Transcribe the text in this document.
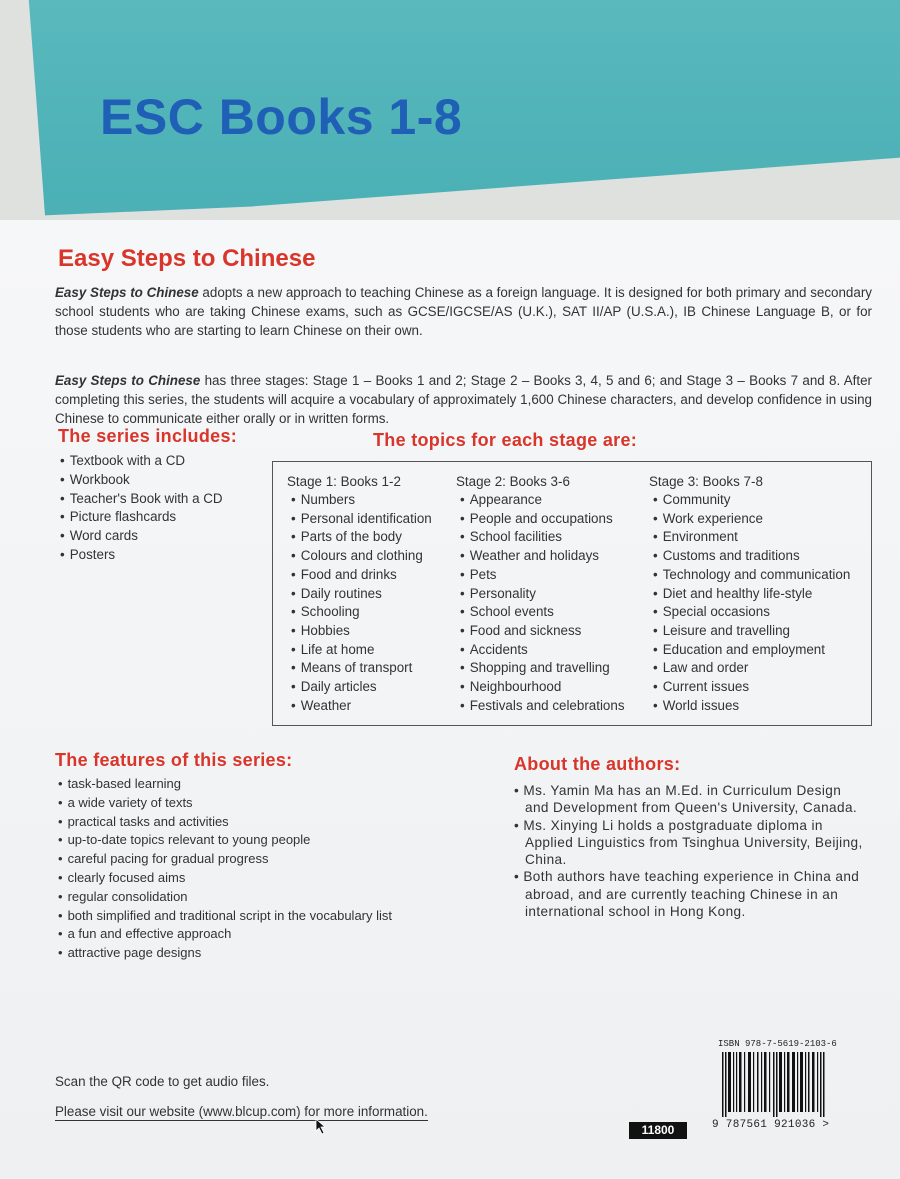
ESC Books 1-8
Easy Steps to Chinese
Easy Steps to Chinese adopts a new approach to teaching Chinese as a foreign language. It is designed for both primary and secondary school students who are taking Chinese exams, such as GCSE/IGCSE/AS (U.K.), SAT II/AP (U.S.A.), IB Chinese Language B, or for those students who are starting to learn Chinese on their own.
Easy Steps to Chinese has three stages: Stage 1 – Books 1 and 2; Stage 2 – Books 3, 4, 5 and 6; and Stage 3 – Books 7 and 8. After completing this series, the students will acquire a vocabulary of approximately 1,600 Chinese characters, and develop confidence in using Chinese to communicate either orally or in written forms.
The series includes:
• Textbook with a CD
• Workbook
• Teacher's Book with a CD
• Picture flashcards
• Word cards
• Posters
The topics for each stage are:
Stage 1: Books 1-2
• Numbers
• Personal identification
• Parts of the body
• Colours and clothing
• Food and drinks
• Daily routines
• Schooling
• Hobbies
• Life at home
• Means of transport
• Daily articles
• Weather
Stage 2: Books 3-6
• Appearance
• People and occupations
• School facilities
• Weather and holidays
• Pets
• Personality
• School events
• Food and sickness
• Accidents
• Shopping and travelling
• Neighbourhood
• Festivals and celebrations
Stage 3: Books 7-8
• Community
• Work experience
• Environment
• Customs and traditions
• Technology and communication
• Diet and healthy life-style
• Special occasions
• Leisure and travelling
• Education and employment
• Law and order
• Current issues
• World issues
The features of this series:
• task-based learning
• a wide variety of texts
• practical tasks and activities
• up-to-date topics relevant to young people
• careful pacing for gradual progress
• clearly focused aims
• regular consolidation
• both simplified and traditional script in the vocabulary list
• a fun and effective approach
• attractive page designs
About the authors:
• Ms. Yamin Ma has an M.Ed. in Curriculum Design and Development from Queen's University, Canada.
• Ms. Xinying Li holds a postgraduate diploma in Applied Linguistics from Tsinghua University, Beijing, China.
• Both authors have teaching experience in China and abroad, and are currently teaching Chinese in an international school in Hong Kong.
Scan the QR code to get audio files.
Please visit our website (www.blcup.com) for more information.
11800
ISBN 978-7-5619-2103-6
9 787561 921036 >
